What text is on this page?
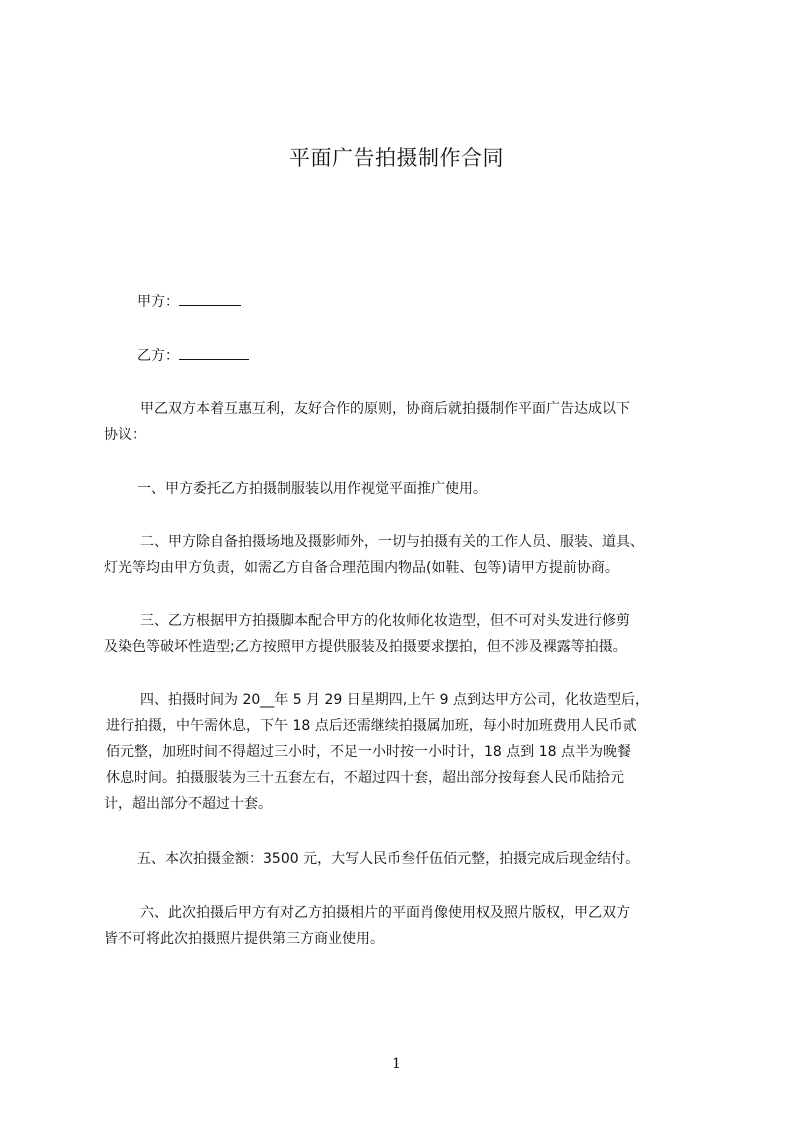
平面广告拍摄制作合同
甲方：
乙方：
甲乙双方本着互惠互利，友好合作的原则，协商后就拍摄制作平面广告达成以下
协议：
一、甲方委托乙方拍摄制服装以用作视觉平面推广使用。
二、甲方除自备拍摄场地及摄影师外，一切与拍摄有关的工作人员、服装、道具、
灯光等均由甲方负责，如需乙方自备合理范围内物品(如鞋、包等)请甲方提前协商。
三、乙方根据甲方拍摄脚本配合甲方的化妆师化妆造型，但不可对头发进行修剪
及染色等破坏性造型;乙方按照甲方提供服装及拍摄要求摆拍，但不涉及裸露等拍摄。
四、拍摄时间为 20__年 5 月 29 日星期四,上午 9 点到达甲方公司，化妆造型后，
进行拍摄，中午需休息，下午 18 点后还需继续拍摄属加班，每小时加班费用人民币贰
佰元整，加班时间不得超过三小时，不足一小时按一小时计，18 点到 18 点半为晚餐
休息时间。拍摄服装为三十五套左右，不超过四十套，超出部分按每套人民币陆拾元
计，超出部分不超过十套。
五、本次拍摄金额：3500 元，大写人民币叁仟伍佰元整，拍摄完成后现金结付。
六、此次拍摄后甲方有对乙方拍摄相片的平面肖像使用权及照片版权，甲乙双方
皆不可将此次拍摄照片提供第三方商业使用。
1
